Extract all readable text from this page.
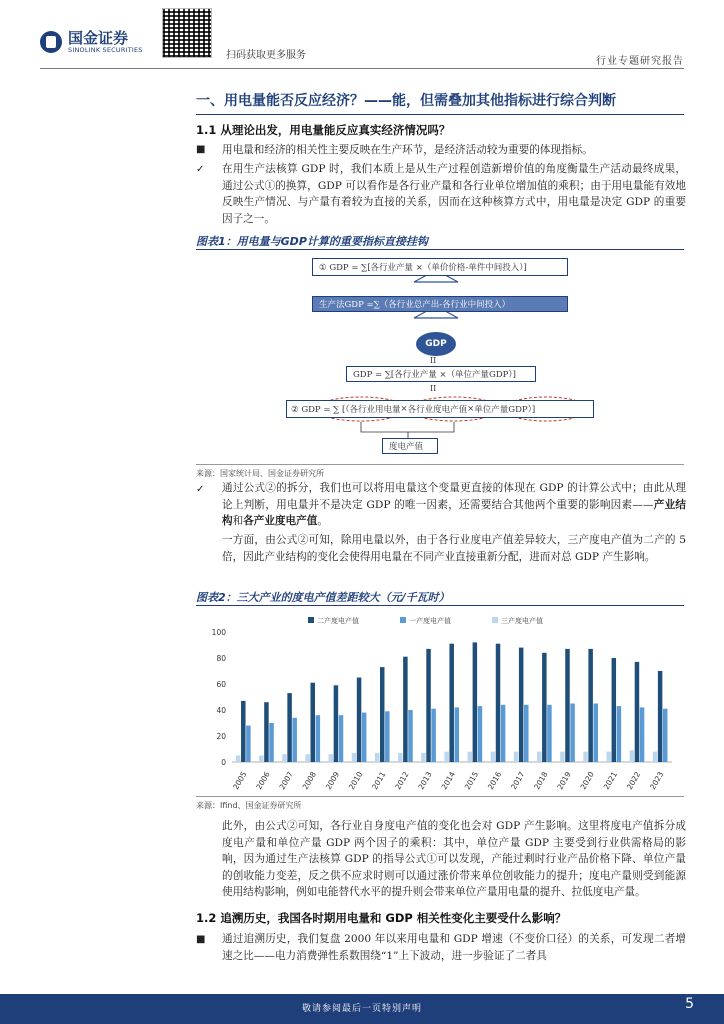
国金证券
SINOLINK SECURITIES	扫码获取更多服务
行业专题研究报告
一、用电量能否反应经济？——能，但需叠加其他指标进行综合判断
1.1 从理论出发，用电量能反应真实经济情况吗？
■ 用电量和经济的相关性主要反映在生产环节，是经济活动较为重要的体现指标。
✓ 在用生产法核算 GDP 时，我们本质上是从生产过程创造新增价值的角度衡量生产活动最终成果，通过公式①的换算，GDP 可以看作是各行业产量和各行业单位增加值的乘积；由于用电量能有效地反映生产情况、与产量有着较为直接的关系，因而在这种核算方式中，用电量是决定 GDP 的重要因子之一。
图表1：用电量与GDP计算的重要指标直接挂钩
① GDP = ∑[各行业产量 ×（单价价格-单件中间投入）]
生产法GDP =∑（各行业总产出-各行业中间投入）
GDP
II
GDP = ∑[各行业产量 ×（单位产量GDP）]
II
② GDP = ∑ [（ 各行业用电量 × 各行业度电产值 × 单位产量GDP ）]
度电产值
来源：国家统计局、国金证券研究所
✓ 通过公式②的拆分，我们也可以将用电量这个变量更直接的体现在 GDP 的计算公式中；由此从理论上判断，用电量并不是决定 GDP 的唯一因素，还需要结合其他两个重要的影响因素——产业结构和各产业度电产值。
一方面，由公式②可知，除用电量以外，由于各行业度电产值差异较大，三产度电产值为二产的 5 倍，因此产业结构的变化会使得用电量在不同产业直接重新分配，进而对总 GDP 产生影响。
图表2：三大产业的度电产值差距较大（元/千瓦时）
二产度电产值	一产度电产值	三产度电产值
0
20
40
60
80
100
2005 2006 2007 2008 2009 2010 2011 2012 2013 2014 2015 2016 2017 2018 2019 2020 2021 2022 2023
来源：Ifind、国金证券研究所
此外，由公式②可知，各行业自身度电产值的变化也会对 GDP 产生影响。这里将度电产值拆分成度电产量和单位产量 GDP 两个因子的乘积：其中，单位产量 GDP 主要受到行业供需格局的影响，因为通过生产法核算 GDP 的指导公式①可以发现，产能过剩时行业产品价格下降、单位产量的创收能力变差，反之供不应求时则可以通过涨价带来单位创收能力的提升；度电产量则受到能源使用结构影响，例如电能替代水平的提升则会带来单位产量用电量的提升、拉低度电产量。
1.2 追溯历史，我国各时期用电量和 GDP 相关性变化主要受什么影响？
■ 通过追溯历史，我们复盘 2000 年以来用电量和 GDP 增速（不变价口径）的关系，可发现二者增速之比——电力消费弹性系数围绕“1”上下波动，进一步验证了二者具
敬请参阅最后一页特别声明	5
